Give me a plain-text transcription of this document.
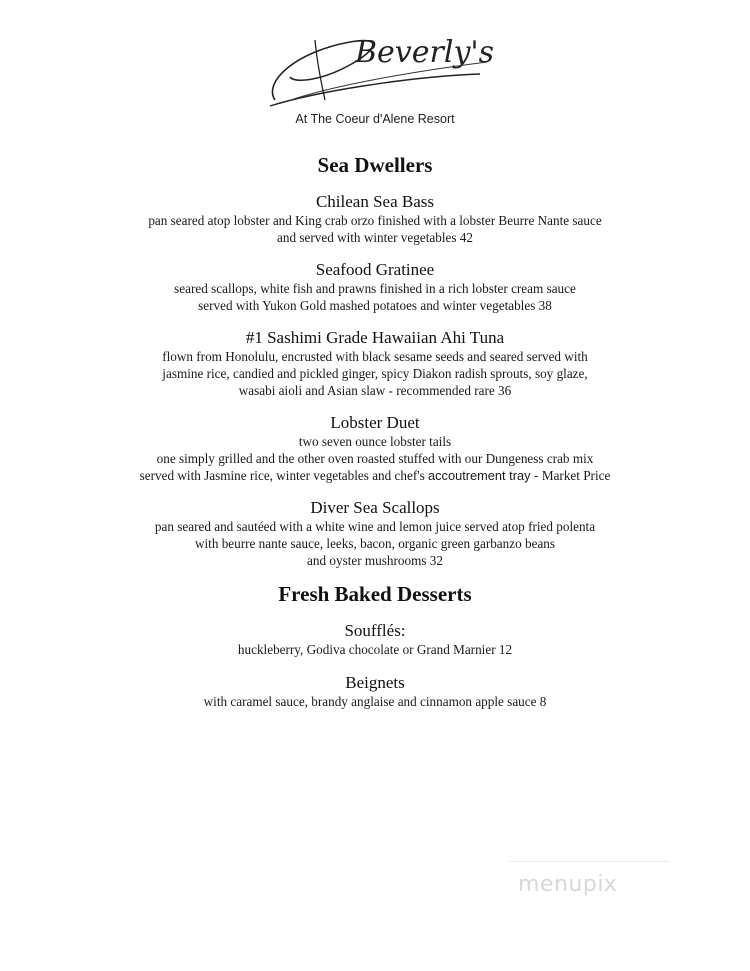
Beverly's
At The Coeur d'Alene Resort
Sea Dwellers
Chilean Sea Bass
pan seared atop lobster and King crab orzo finished with a lobster Beurre Nante sauce
and served with winter vegetables 42
Seafood Gratinee
seared scallops, white fish and prawns finished in a rich lobster cream sauce
served with Yukon Gold mashed potatoes and winter vegetables 38
#1 Sashimi Grade Hawaiian Ahi Tuna
flown from Honolulu, encrusted with black sesame seeds and seared served with
jasmine rice, candied and pickled ginger, spicy Diakon radish sprouts, soy glaze,
wasabi aioli and Asian slaw - recommended rare 36
Lobster Duet
two seven ounce lobster tails
one simply grilled and the other oven roasted stuffed with our Dungeness crab mix
served with Jasmine rice, winter vegetables and chef's accoutrement tray - Market Price
Diver Sea Scallops
pan seared and sautéed with a white wine and lemon juice served atop fried polenta
with beurre nante sauce, leeks, bacon, organic green garbanzo beans
and oyster mushrooms 32
Fresh Baked Desserts
Soufflés:
huckleberry, Godiva chocolate or Grand Marnier 12
Beignets
with caramel sauce, brandy anglaise and cinnamon apple sauce 8
menupix
